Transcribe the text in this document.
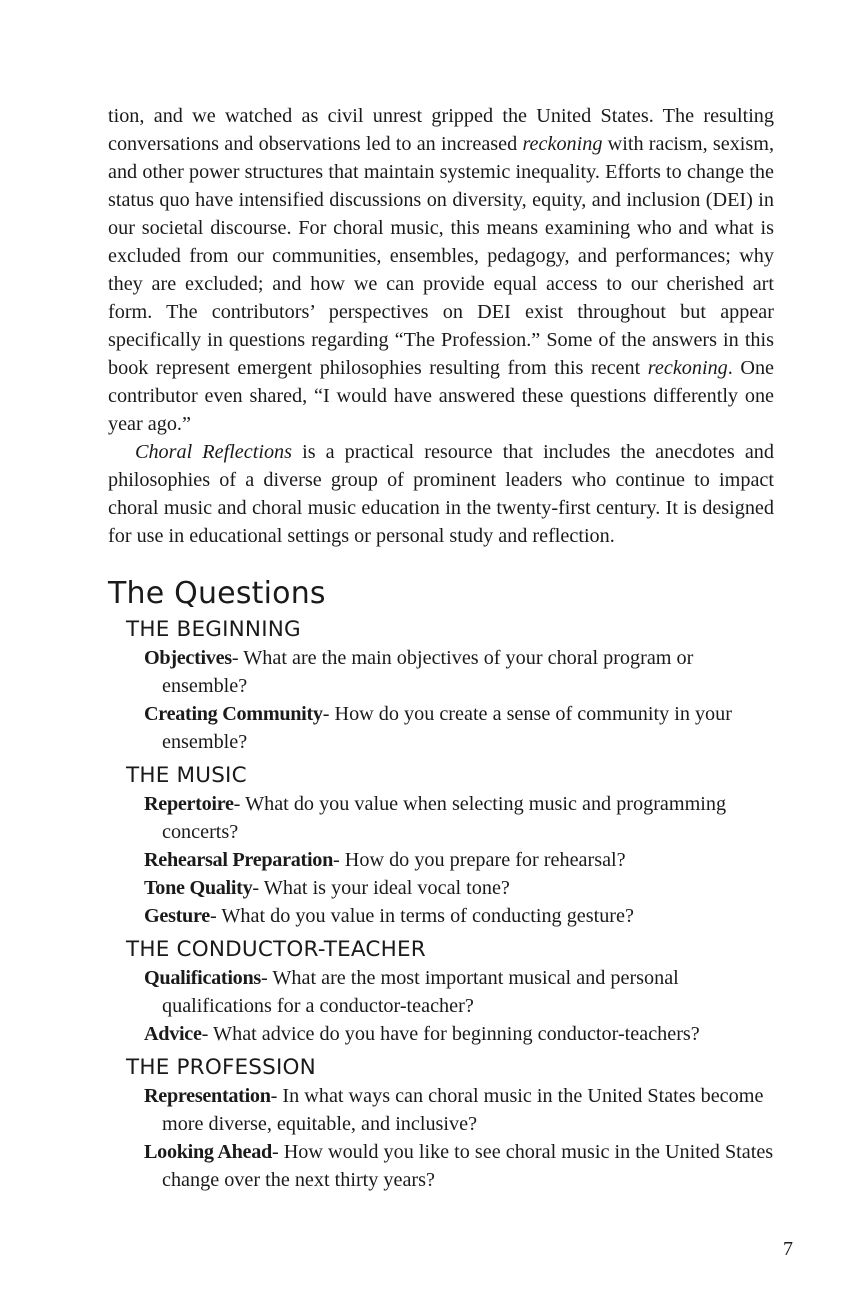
tion, and we watched as civil unrest gripped the United States. The resulting conversations and observations led to an increased reckoning with racism, sexism, and other power structures that maintain systemic inequality. Efforts to change the status quo have intensified discussions on diversity, equity, and inclusion (DEI) in our societal discourse. For choral music, this means examining who and what is excluded from our communities, ensembles, pedagogy, and performances; why they are excluded; and how we can provide equal access to our cherished art form. The contributors’ perspectives on DEI exist throughout but appear specifically in questions regarding “The Profession.” Some of the answers in this book represent emergent philosophies resulting from this recent reckoning. One contributor even shared, “I would have answered these questions differently one year ago.”

Choral Reflections is a practical resource that includes the anecdotes and philosophies of a diverse group of prominent leaders who continue to impact choral music and choral music education in the twenty-first century. It is designed for use in educational settings or personal study and reflection.

The Questions
THE BEGINNING

Objectives- What are the main objectives of your choral program or ensemble?

Creating Community- How do you create a sense of community in your ensemble?

THE MUSIC

Repertoire- What do you value when selecting music and programming concerts?

Rehearsal Preparation- How do you prepare for rehearsal?

Tone Quality- What is your ideal vocal tone?

Gesture- What do you value in terms of conducting gesture?

THE CONDUCTOR-TEACHER

Qualifications- What are the most important musical and personal qualifications for a conductor-teacher?

Advice- What advice do you have for beginning conductor-teachers?

THE PROFESSION

Representation- In what ways can choral music in the United States become more diverse, equitable, and inclusive?

Looking Ahead- How would you like to see choral music in the United States change over the next thirty years?

7
